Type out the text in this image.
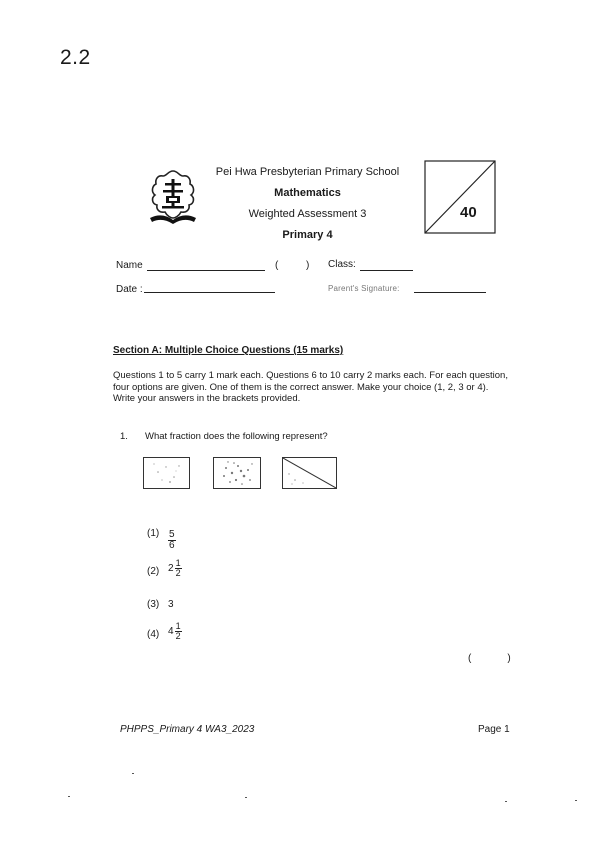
2.2
Pei Hwa Presbyterian Primary School
Mathematics
Weighted Assessment 3
Primary 4
40
Name	(	) Class:
Date :	Parent's Signature:
Section A: Multiple Choice Questions (15 marks)
Questions 1 to 5 carry 1 mark each. Questions 6 to 10 carry 2 marks each. For each question, four options are given. One of them is the correct answer. Make your choice (1, 2, 3 or 4). Write your answers in the brackets provided.
1. What fraction does the following represent?
$(1) \frac{5}{6}$
(2) $2 \frac{1}{2}$
(3) 3
(4) $4 \frac{1}{2}$
(	)
PHPPS_Primary 4 WA3_2023	Page 1
